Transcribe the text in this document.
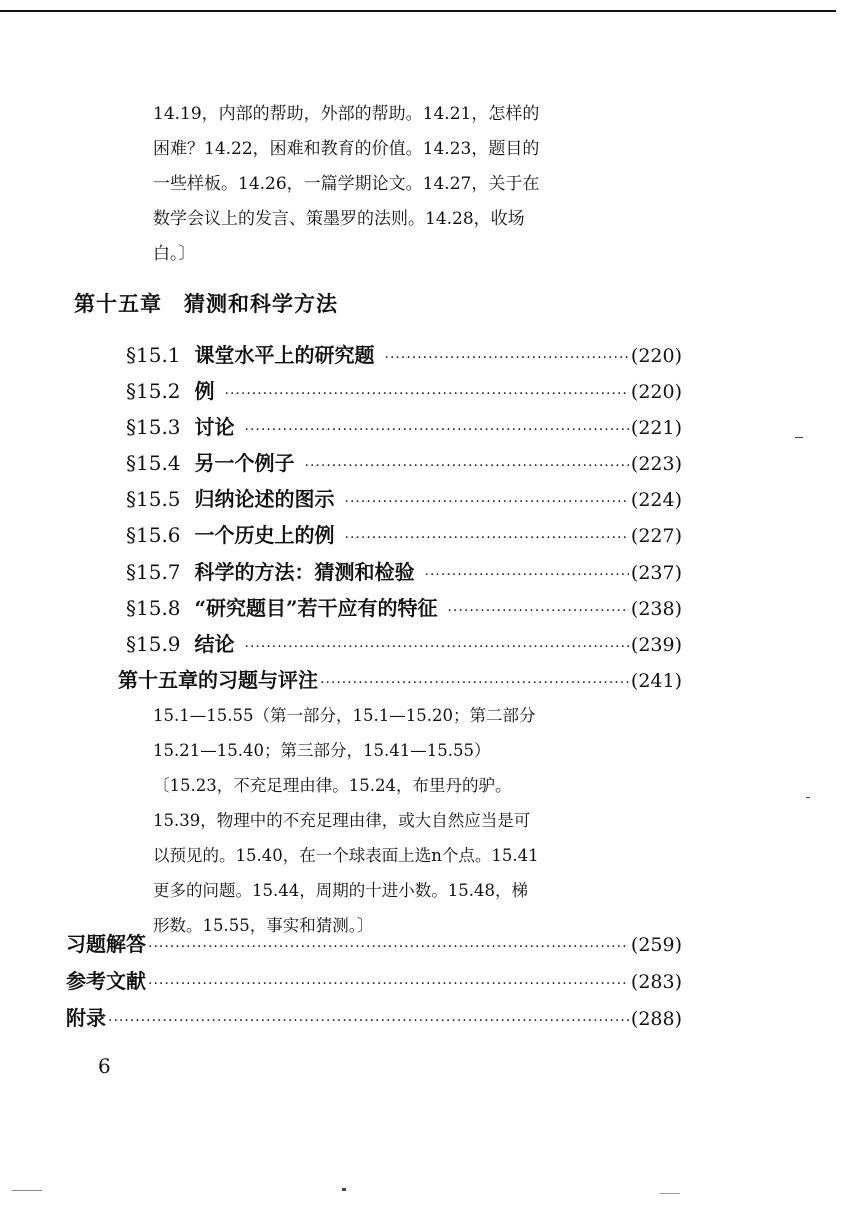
14.19，内部的帮助，外部的帮助。14.21，怎样的
困难？14.22，困难和教育的价值。14.23，题目的
一些样板。14.26，一篇学期论文。14.27，关于在
数学会议上的发言、策墨罗的法则。14.28，收场
白。〕
第十五章　猜测和科学方法
§15.1 课堂水平上的研究题 ·····	(220)
§15.2 例 ·····	(220)
§15.3 讨论 ·····	(221)
§15.4 另一个例子 ·····	(223)
§15.5 归纳论述的图示 ·····	(224)
§15.6 一个历史上的例 ·····	(227)
§15.7 科学的方法：猜测和检验 ·····	(237)
§15.8 “研究题目”若干应有的特征 ·····	(238)
§15.9 结论 ·····	(239)
第十五章的习题与评注 ·····	(241)
15.1—15.55（第一部分，15.1—15.20；第二部分
15.21—15.40；第三部分，15.41—15.55）
〔15.23，不充足理由律。15.24，布里丹的驴。
15.39，物理中的不充足理由律，或大自然应当是可
以预见的。15.40，在一个球表面上选n个点。15.41
更多的问题。15.44，周期的十进小数。15.48，梯
形数。15.55，事实和猜测。〕
习题解答 ·····	(259)
参考文献 ·····	(283)
附录 ·····	(288)
6
